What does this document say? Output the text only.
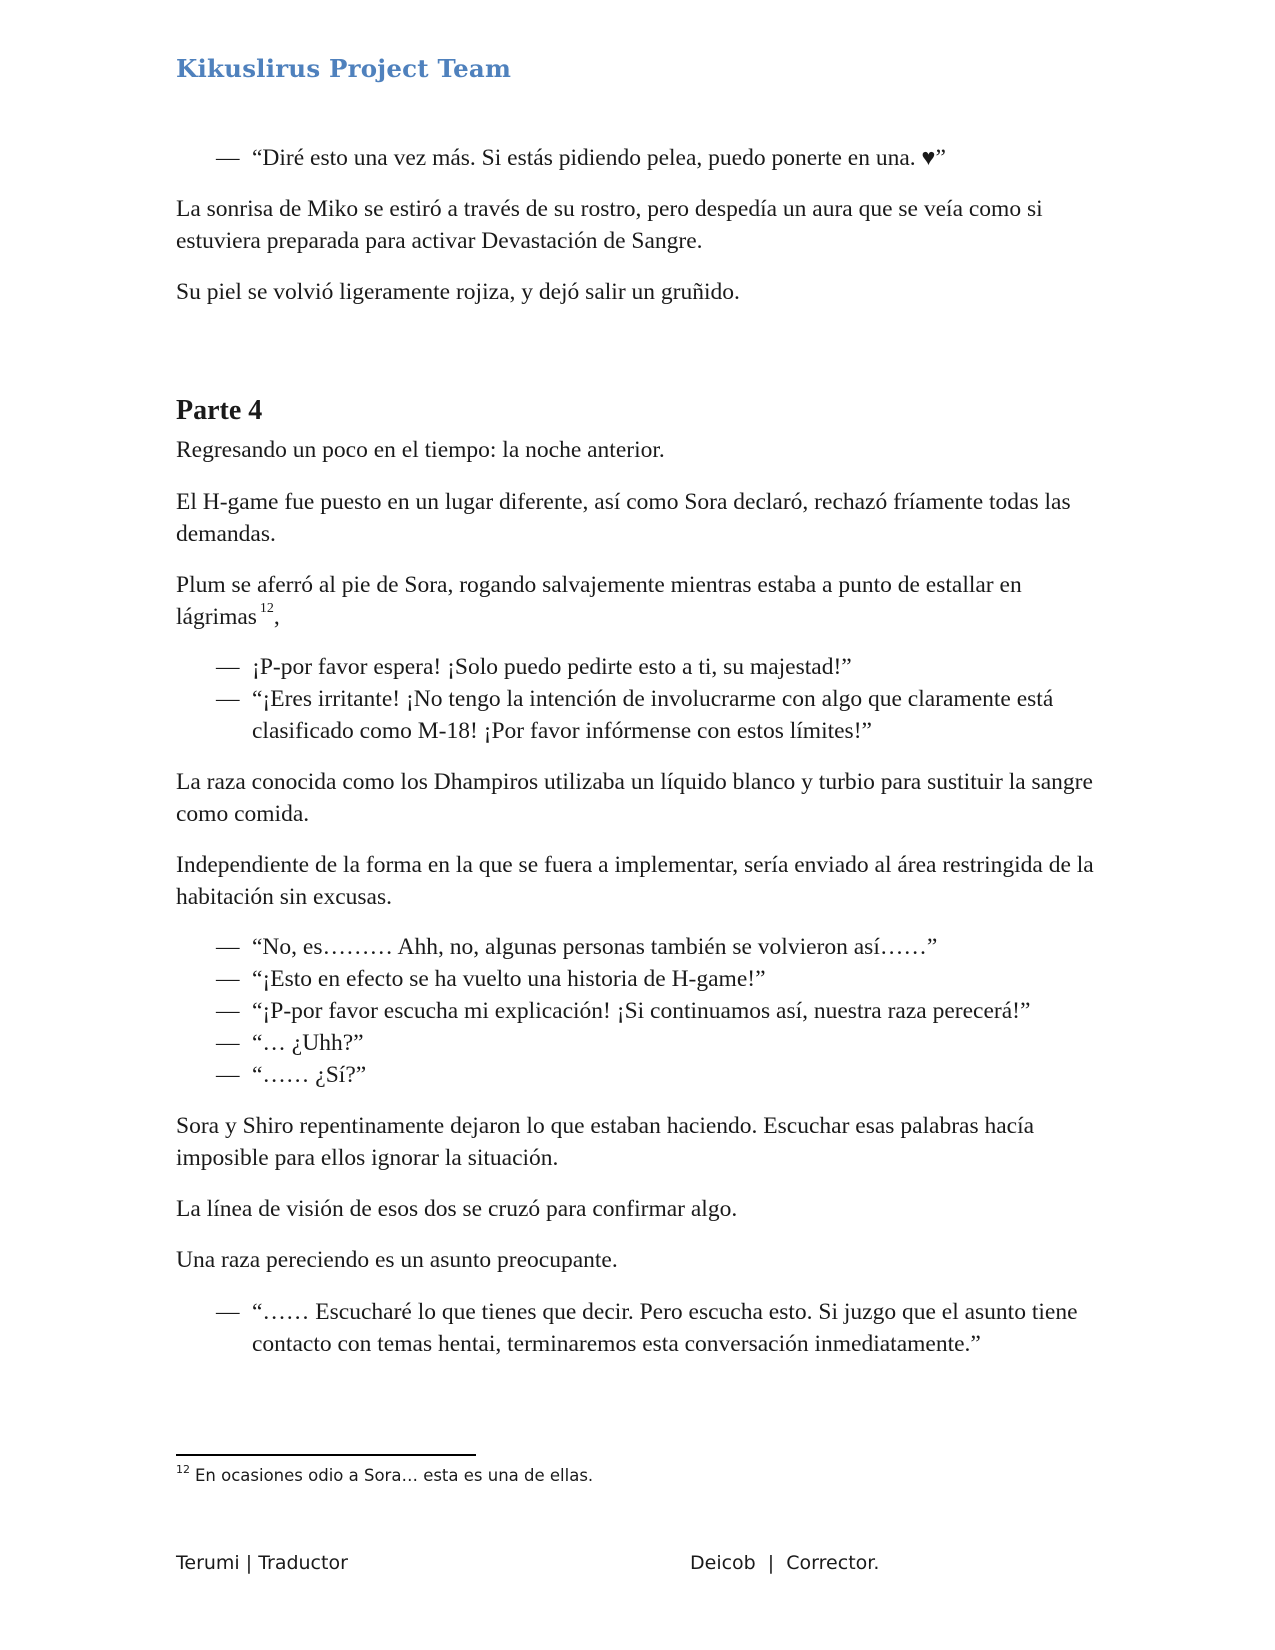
Kikuslirus Project Team
— “Diré esto una vez más. Si estás pidiendo pelea, puedo ponerte en una. ♥”

La sonrisa de Miko se estiró a través de su rostro, pero despedía un aura que se veía como si estuviera preparada para activar Devastación de Sangre.

Su piel se volvió ligeramente rojiza, y dejó salir un gruñido.

Parte 4

Regresando un poco en el tiempo: la noche anterior.

El H-game fue puesto en un lugar diferente, así como Sora declaró, rechazó fríamente todas las demandas.

Plum se aferró al pie de Sora, rogando salvajemente mientras estaba a punto de estallar en lágrimas $^{12}$,

— ¡P-por favor espera! ¡Solo puedo pedirte esto a ti, su majestad!”
— “¡Eres irritante! ¡No tengo la intención de involucrarme con algo que claramente está clasificado como M-18! ¡Por favor infórmense con estos límites!”

La raza conocida como los Dhampiros utilizaba un líquido blanco y turbio para sustituir la sangre como comida.

Independiente de la forma en la que se fuera a implementar, sería enviado al área restringida de la habitación sin excusas.

— “No, es……… Ahh, no, algunas personas también se volvieron así……”
— “¡Esto en efecto se ha vuelto una historia de H-game!”
— “¡P-por favor escucha mi explicación! ¡Si continuamos así, nuestra raza perecerá!”
— “… ¿Uhh?”
— “…… ¿Sí?”

Sora y Shiro repentinamente dejaron lo que estaban haciendo. Escuchar esas palabras hacía imposible para ellos ignorar la situación.

La línea de visión de esos dos se cruzó para confirmar algo.

Una raza pereciendo es un asunto preocupante.

— “…… Escucharé lo que tienes que decir. Pero escucha esto. Si juzgo que el asunto tiene contacto con temas hentai, terminaremos esta conversación inmediatamente.”

$^{12}$ En ocasiones odio a Sora… esta es una de ellas.

Terumi | Traductor	Deicob  |  Corrector.
